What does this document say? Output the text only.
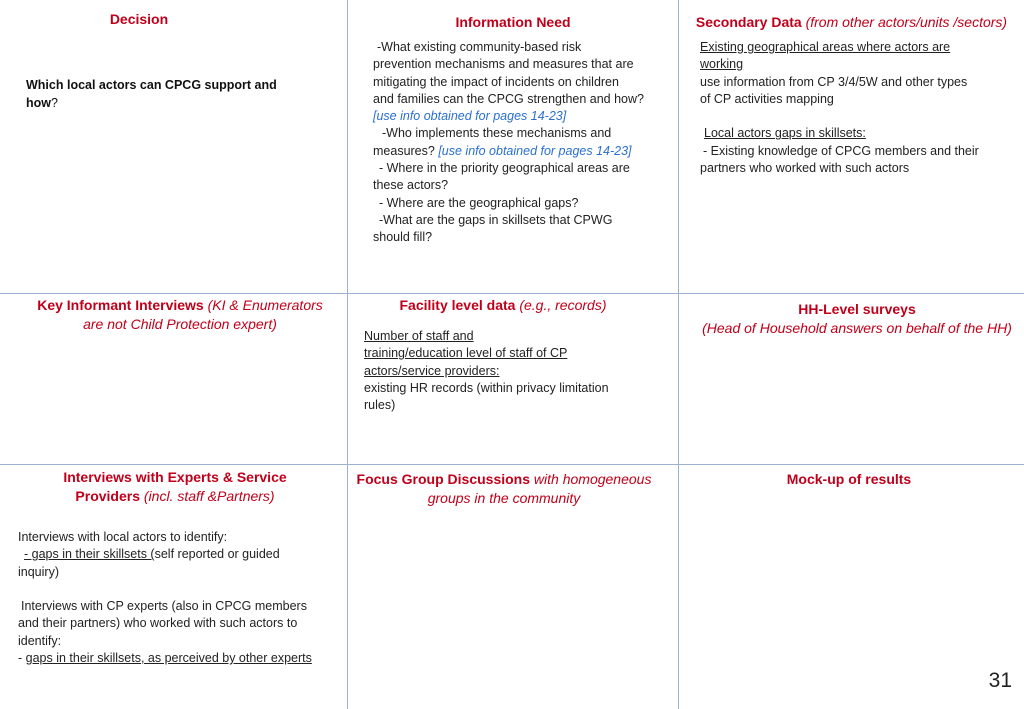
Decision
Which local actors can CPCG support and
how?
Information Need
-What existing community-based risk
prevention mechanisms and measures that are
mitigating the impact of incidents on children
and families can the CPCG strengthen and how?
[use info obtained for pages 14-23]
-Who implements these mechanisms and
measures? [use info obtained for pages 14-23]
- Where in the priority geographical areas are
these actors?
- Where are the geographical gaps?
-What are the gaps in skillsets that CPWG
should fill?
Secondary Data (from other actors/units /sectors)
Existing geographical areas where actors are
working
use information from CP 3/4/5W and other types
of CP activities mapping
Local actors gaps in skillsets:
- Existing knowledge of CPCG members and their
partners who worked with such actors
Key Informant Interviews (KI & Enumerators
are not Child Protection expert)
Facility level data (e.g., records)
Number of staff and
training/education level of staff of CP
actors/service providers:
existing HR records (within privacy limitation
rules)
HH-Level surveys
(Head of Household answers on behalf of the HH)
Interviews with Experts & Service
Providers (incl. staff &Partners)
Interviews with local actors to identify:
- gaps in their skillsets (self reported or guided
inquiry)
Interviews with CP experts (also in CPCG members
and their partners) who worked with such actors to
identify:
- gaps in their skillsets, as perceived by other experts
Focus Group Discussions with homogeneous
groups in the community
Mock-up of results
31
